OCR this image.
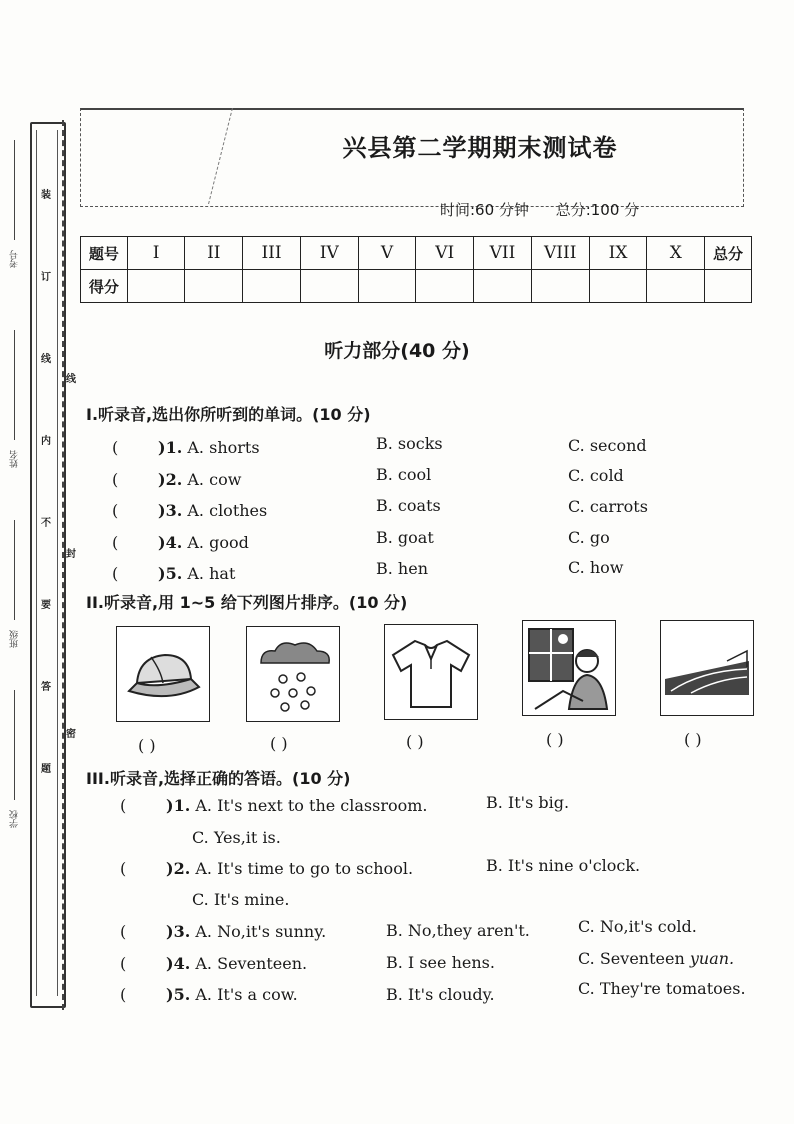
装
订
线
内
不
要
答
题
考号
姓名
班级
学校
线
封
密
兴县第二学期期末测试卷
时间:60 分钟 总分:100 分
题号	I	II	III	IV	V	VI	VII	VIII	IX	X	总分
得分											
听力部分(40 分)
I.听录音,选出你所听到的单词。(10 分)
( )1. A. shorts	B. socks	C. second
( )2. A. cow	B. cool	C. cold
( )3. A. clothes	B. coats	C. carrots
( )4. A. good	B. goat	C. go
( )5. A. hat	B. hen	C. how
II.听录音,用 1~5 给下列图片排序。(10 分)
( )	( )	( )	( )	( )
III.听录音,选择正确的答语。(10 分)
( )1. A. It's next to the classroom.	B. It's big.
C. Yes,it is.
( )2. A. It's time to go to school.	B. It's nine o'clock.
C. It's mine.
( )3. A. No,it's sunny.	B. No,they aren't.	C. No,it's cold.
( )4. A. Seventeen.	B. I see hens.	C. Seventeen yuan.
( )5. A. It's a cow.	B. It's cloudy.	C. They're tomatoes.
